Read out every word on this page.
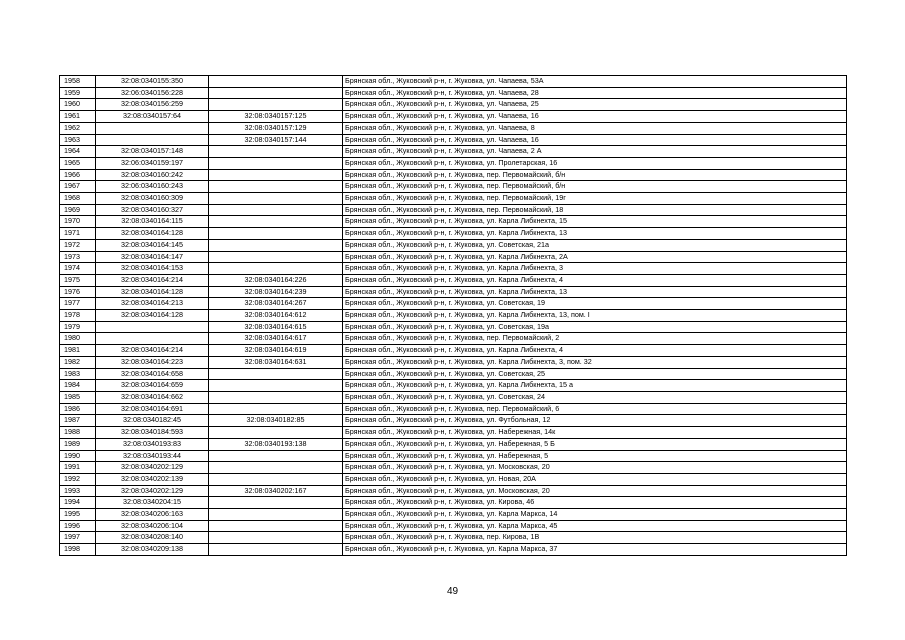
1958	32:08:0340155:350		Брянская обл., Жуковский р-н, г. Жуковка, ул. Чапаева, 53А
1959	32:06:0340156:228		Брянская обл., Жуковский р-н, г. Жуковка, ул. Чапаева, 28
1960	32:08:0340156:259		Брянская обл., Жуковский р-н, г. Жуковка, ул. Чапаева, 25
1961	32:08:0340157:64	32:08:0340157:125	Брянская обл., Жуковский р-н, г. Жуковка, ул. Чапаева, 16
1962		32:08:0340157:129	Брянская обл., Жуковский р-н, г. Жуковка, ул. Чапаева, 8
1963		32:08:0340157:144	Брянская обл., Жуковский р-н, г. Жуковка, ул. Чапаева, 16
1964	32:08:0340157:148		Брянская обл., Жуковский р-н, г. Жуковка, ул. Чапаева, 2 А
1965	32:06:0340159:197		Брянская обл., Жуковский р-н, г. Жуковка, ул. Пролетарская, 16
1966	32:08:0340160:242		Брянская обл., Жуковский р-н, г. Жуковка, пер. Первомайский, б/н
1967	32:06:0340160:243		Брянская обл., Жуковский р-н, г. Жуковка, пер. Первомайский, б/н
1968	32:08:0340160:309		Брянская обл., Жуковский р-н, г. Жуковка, пер. Первомайский, 19г
1969	32:08:0340160:327		Брянская обл., Жуковский р-н, г. Жуковка, пер. Первомайский, 18
1970	32:08:0340164:115		Брянская обл., Жуковский р-н, г. Жуковка, ул. Карла Либкнехта, 15
1971	32:08:0340164:128		Брянская обл., Жуковский р-н, г. Жуковка, ул. Карла Либкнехта, 13
1972	32:08:0340164:145		Брянская обл., Жуковский р-н, г. Жуковка, ул. Советская, 21а
1973	32:08:0340164:147		Брянская обл., Жуковский р-н, г. Жуковка, ул. Карла Либкнехта, 2А
1974	32:08:0340164:153		Брянская обл., Жуковский р-н, г. Жуковка, ул. Карла Либкнехта, 3
1975	32:08:0340164:214	32:08:0340164:226	Брянская обл., Жуковский р-н, г. Жуковка, ул. Карла Либкнехта, 4
1976	32:08:0340164:128	32:08:0340164:239	Брянская обл., Жуковский р-н, г. Жуковка, ул. Карла Либкнехта, 13
1977	32:08:0340164:213	32:08:0340164:267	Брянская обл., Жуковский р-н, г. Жуковка, ул. Советская, 19
1978	32:08:0340164:128	32:08:0340164:612	Брянская обл., Жуковский р-н, г. Жуковка, ул. Карла Либкнехта, 13, пом. I
1979		32:08:0340164:615	Брянская обл., Жуковский р-н, г. Жуковка, ул. Советская, 19а
1980		32:08:0340164:617	Брянская обл., Жуковский р-н, г. Жуковка, пер. Первомайский, 2
1981	32:08:0340164:214	32:08:0340164:619	Брянская обл., Жуковский р-н, г. Жуковка, ул. Карла Либкнехта, 4
1982	32:08:0340164:223	32:08:0340164:631	Брянская обл., Жуковский р-н, г. Жуковка, ул. Карла Либкнехта, 3, пом. 32
1983	32:08:0340164:658		Брянская обл., Жуковский р-н, г. Жуковка, ул. Советская, 25
1984	32:08:0340164:659		Брянская обл., Жуковский р-н, г. Жуковка, ул. Карла Либкнехта, 15 а
1985	32:08:0340164:662		Брянская обл., Жуковский р-н, г. Жуковка, ул. Советская, 24
1986	32:08:0340164:691		Брянская обл., Жуковский р-н, г. Жуковка, пер. Первомайский, 6
1987	32:08:0340182:45	32:08:0340182:85	Брянская обл., Жуковский р-н, г. Жуковка, ул. Футбольная, 12
1988	32:08:0340184:593		Брянская обл., Жуковский р-н, г. Жуковка, ул. Набережная, 14к
1989	32:08:0340193:83	32:08:0340193:138	Брянская обл., Жуковский р-н, г. Жуковка, ул. Набережная, 5 Б
1990	32:08:0340193:44		Брянская обл., Жуковский р-н, г. Жуковка, ул. Набережная, 5
1991	32:08:0340202:129		Брянская обл., Жуковский р-н, г. Жуковка, ул. Московская, 20
1992	32:08:0340202:139		Брянская обл., Жуковский р-н, г. Жуковка, ул. Новая, 20А
1993	32:08:0340202:129	32:08:0340202:167	Брянская обл., Жуковский р-н, г. Жуковка, ул. Московская, 20
1994	32:08:0340204:15		Брянская обл., Жуковский р-н, г. Жуковка, ул. Кирова, 46
1995	32:08:0340206:163		Брянская обл., Жуковский р-н, г. Жуковка, ул. Карла Маркса, 14
1996	32:08:0340206:104		Брянская обл., Жуковский р-н, г. Жуковка, ул. Карла Маркса, 45
1997	32:08:0340208:140		Брянская обл., Жуковский р-н, г. Жуковка, пер. Кирова, 1В
1998	32:08:0340209:138		Брянская обл., Жуковский р-н, г. Жуковка, ул. Карла Маркса, 37
49
